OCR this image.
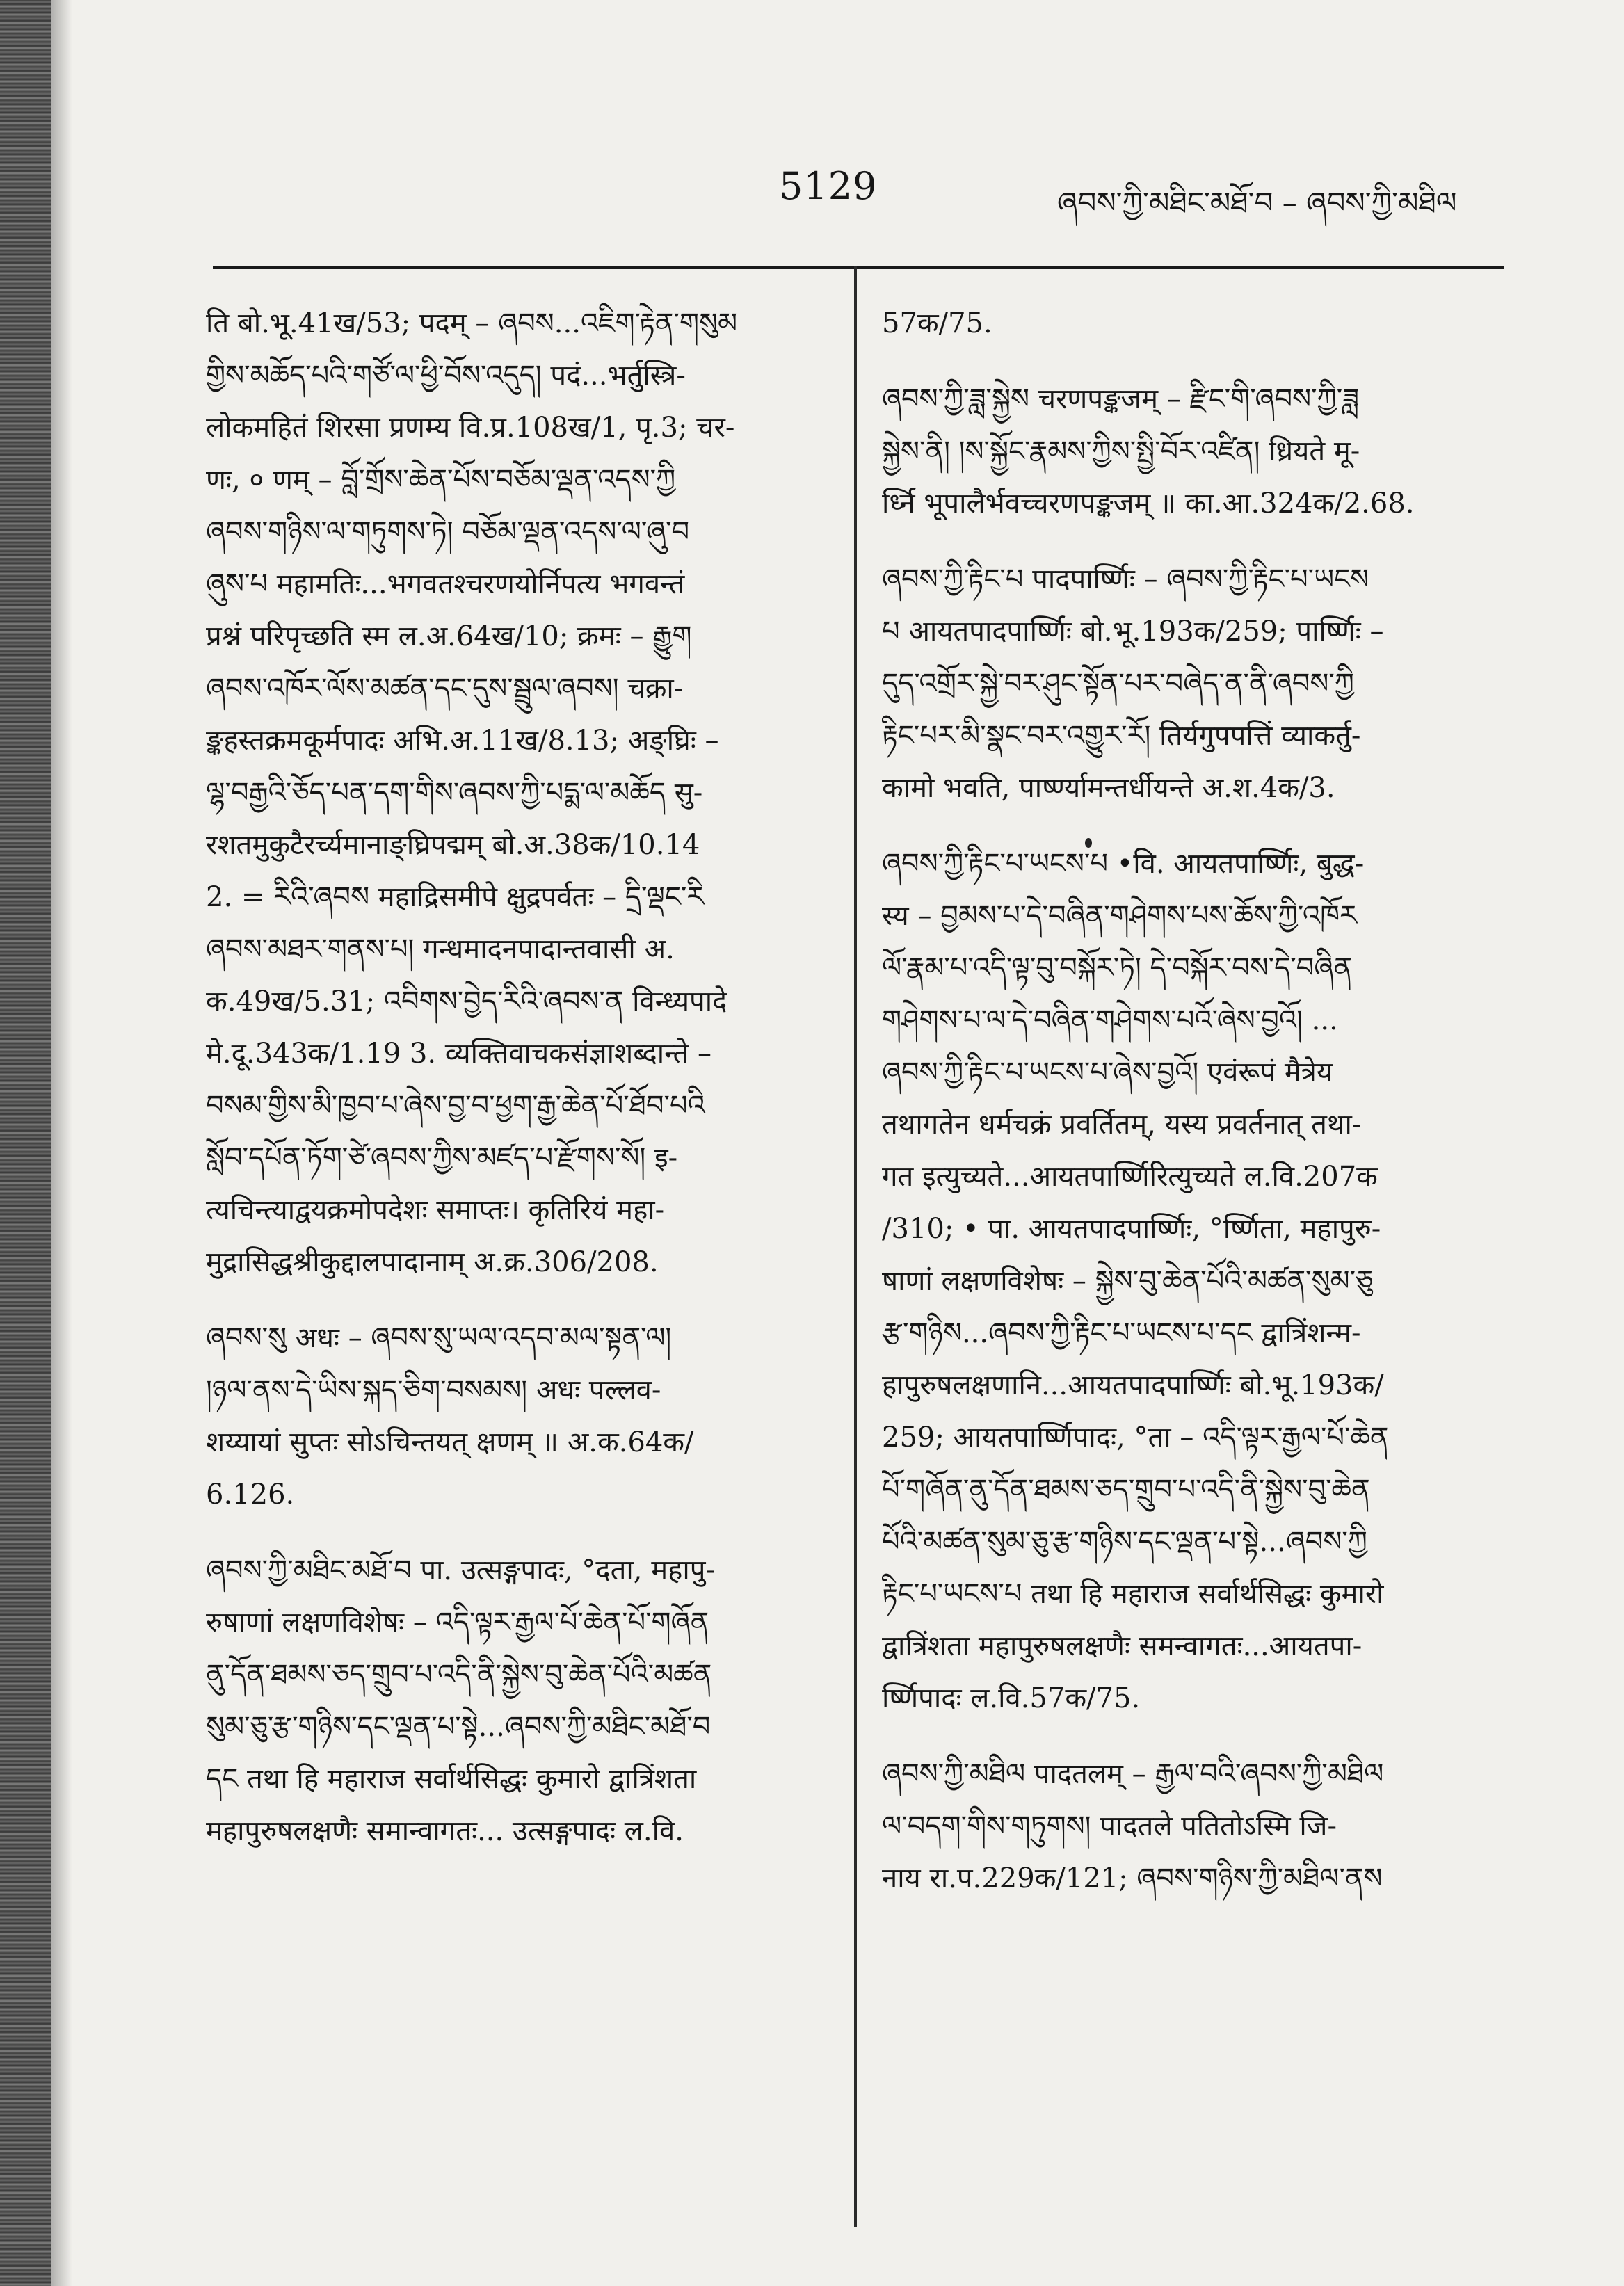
5129	ཞབས་ཀྱི་མཐིང་མཐོ་བ – ཞབས་ཀྱི་མཐིལ
ति बो.भू.41ख/53; पदम् – ཞབས...འཇིག་རྟེན་གསུམ
གྱིས་མཆོད་པའི་གཙོ་ལ་ཕྱི་བོས་འདུད། पदं...भर्तुस्त्रि-
लोकमहितं शिरसा प्रणम्य वि.प्र.108ख/1, पृ.3; चर-
णः, ० णम् – བློ་གྲོས་ཆེན་པོས་བཅོམ་ལྡན་འདས་ཀྱི
ཞབས་གཉིས་ལ་གཏུགས་ཏེ། བཅོམ་ལྡན་འདས་ལ་ཞུ་བ
ཞུས་པ महामतिः...भगवतश्चरणयोर्निपत्य भगवन्तं
प्रश्नं परिपृच्छति स्म ल.अ.64ख/10; क्रमः – རྒྱུག
ཞབས་འཁོར་ལོས་མཚན་དང་དུས་སྦྲུལ་ཞབས། चक्रा-
ङ्कहस्तक्रमकूर्मपादः अभि.अ.11ख/8.13; अङ्घ्रिः –
ལྷ་བརྒྱའི་ཅོད་པན་དག་གིས་ཞབས་ཀྱི་པདྨ་ལ་མཆོད सु-
रशतमुकुटैरर्च्यमानाङ्घ्रिपद्मम् बो.अ.38क/10.14
2. = རིའི་ཞབས महाद्रिसमीपे क्षुद्रपर्वतः – དྲི་ལྡང་རི
ཞབས་མཐར་གནས་པ། गन्धमादनपादान्तवासी अ.
क.49ख/5.31; འབིགས་བྱེད་རིའི་ཞབས་ན विन्ध्यपादे
मे.दू.343क/1.19 3. व्यक्तिवाचकसंज्ञाशब्दान्ते –
བསམ་གྱིས་མི་ཁྱབ་པ་ཞེས་བྱ་བ་ཕྱག་རྒྱ་ཆེན་པོ་ཐོབ་པའི
སློབ་དཔོན་ཏོག་ཙེ་ཞབས་ཀྱིས་མཛད་པ་རྫོགས་སོ། इ-
त्यचिन्त्याद्वयक्रमोपदेशः समाप्तः। कृतिरियं महा-
मुद्रासिद्धश्रीकुद्दालपादानाम् अ.क्र.306/208.
ཞབས་སུ अधः – ཞབས་སུ་ཡལ་འདབ་མལ་སྟན་ལ།
།ཉལ་ནས་དེ་ཡིས་སྐད་ཅིག་བསམས། अधः पल्लव-
शय्यायां सुप्तः सोऽचिन्तयत् क्षणम् ॥ अ.क.64क/
6.126.
ཞབས་ཀྱི་མཐིང་མཐོ་བ पा. उत्सङ्गपादः, °दता, महापु-
रुषाणां लक्षणविशेषः – འདི་ལྟར་རྒྱལ་པོ་ཆེན་པོ་གཞོན
ནུ་དོན་ཐམས་ཅད་གྲུབ་པ་འདི་ནི་སྐྱེས་བུ་ཆེན་པོའི་མཚན
སུམ་ཅུ་རྩ་གཉིས་དང་ལྡན་པ་སྟེ...ཞབས་ཀྱི་མཐིང་མཐོ་བ
དང तथा हि महाराज सर्वार्थसिद्धः कुमारो द्वात्रिंशता
महापुरुषलक्षणैः समान्वागतः... उत्सङ्गपादः ल.वि.
57क/75.
ཞབས་ཀྱི་ཟླ་སྐྱེས चरणपङ्कजम् – རྫིང་གི་ཞབས་ཀྱི་ཟླ
སྐྱེས་ནི། །ས་སྐྱོང་རྣམས་ཀྱིས་སྤྱི་བོར་འཛིན། ध्रियते मू-
र्ध्नि भूपालैर्भवच्चरणपङ्कजम् ॥ का.आ.324क/2.68.
ཞབས་ཀྱི་རྟིང་པ पादपार्ष्णिः – ཞབས་ཀྱི་རྟིང་པ་ཡངས
པ आयतपादपार्ष्णिः बो.भू.193क/259; पार्ष्णिः –
དུད་འགྲོར་སྐྱེ་བར་ཤུང་སྟོན་པར་བཞེད་ན་ནི་ཞབས་ཀྱི
རྟིང་པར་མི་སྣང་བར་འགྱུར་རོ། तिर्यगुपपत्तिं व्याकर्तु-
कामो भवति, पार्ष्ण्यामन्तर्धीयन्ते अ.श.4क/3.
ཞབས་ཀྱི་རྟིང་པ་ཡངས་པ •वि. आयतपार्ष्णिः, बुद्ध-
स्य – བྱམས་པ་དེ་བཞིན་གཤེགས་པས་ཆོས་ཀྱི་འཁོར
ལོ་རྣམ་པ་འདི་ལྟ་བུ་བསྐོར་ཏེ། དེ་བསྐོར་བས་དེ་བཞིན
གཤེགས་པ་ལ་དེ་བཞིན་གཤེགས་པའོ་ཞེས་བྱའོ། ...
ཞབས་ཀྱི་རྟིང་པ་ཡངས་པ་ཞེས་བྱའོ། एवंरूपं मैत्रेय
तथागतेन धर्मचक्रं प्रवर्तितम्, यस्य प्रवर्तनात् तथा-
गत इत्युच्यते...आयतपार्ष्णिरित्युच्यते ल.वि.207क
/310; • पा. आयतपादपार्ष्णिः, °र्ष्णिता, महापुरु-
षाणां लक्षणविशेषः – སྐྱེས་བུ་ཆེན་པོའི་མཚན་སུམ་ཅུ
རྩ་གཉིས...ཞབས་ཀྱི་རྟིང་པ་ཡངས་པ་དང द्वात्रिंशन्म-
हापुरुषलक्षणानि...आयतपादपार्ष्णिः बो.भू.193क/
259; आयतपार्ष्णिपादः, °ता – འདི་ལྟར་རྒྱལ་པོ་ཆེན
པོ་གཞོན་ནུ་དོན་ཐམས་ཅད་གྲུབ་པ་འདི་ནི་སྐྱེས་བུ་ཆེན
པོའི་མཚན་སུམ་ཅུ་རྩ་གཉིས་དང་ལྡན་པ་སྟེ...ཞབས་ཀྱི
རྟིང་པ་ཡངས་པ तथा हि महाराज सर्वार्थसिद्धः कुमारो
द्वात्रिंशता महापुरुषलक्षणैः समन्वागतः...आयतपा-
र्ष्णिपादः ल.वि.57क/75.
ཞབས་ཀྱི་མཐིལ पादतलम् – རྒྱལ་བའི་ཞབས་ཀྱི་མཐིལ
ལ་བདག་གིས་གཏུགས། पादतले पतितोऽस्मि जि-
नाय रा.प.229क/121; ཞབས་གཉིས་ཀྱི་མཐིལ་ནས
